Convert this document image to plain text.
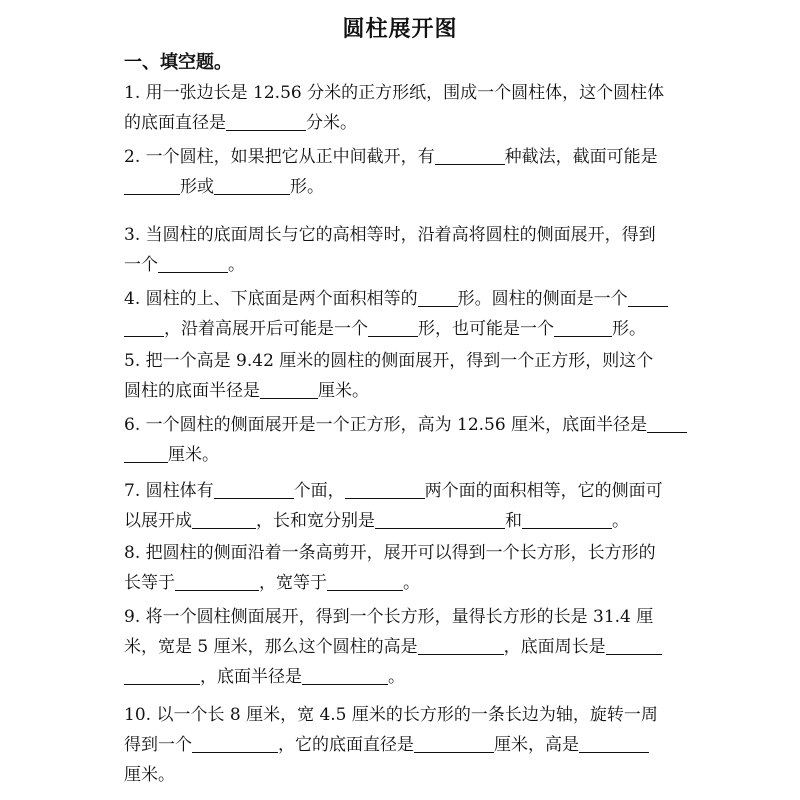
圆柱展开图
一、填空题。
1. 用一张边长是 12.56 分米的正方形纸，围成一个圆柱体，这个圆柱体
的底面直径是	分米。
2. 一个圆柱，如果把它从正中间截开，有	种截法，截面可能是
形或	形。
3. 当圆柱的底面周长与它的高相等时，沿着高将圆柱的侧面展开，得到
一个	。
4. 圆柱的上、下底面是两个面积相等的 形。圆柱的侧面是一个
，沿着高展开后可能是一个	形，也可能是一个	形。
5. 把一个高是 9.42 厘米的圆柱的侧面展开，得到一个正方形，则这个
圆柱的底面半径是	厘米。
6. 一个圆柱的侧面展开是一个正方形，高为 12.56 厘米，底面半径是
厘米。
7. 圆柱体有	个面，	两个面的面积相等，它的侧面可
以展开成	，长和宽分别是	和	。
8. 把圆柱的侧面沿着一条高剪开，展开可以得到一个长方形，长方形的
长等于	，宽等于	。
9. 将一个圆柱侧面展开，得到一个长方形，量得长方形的长是 31.4 厘
米，宽是 5 厘米，那么这个圆柱的高是	，底面周长是
，底面半径是	。
10. 以一个长 8 厘米，宽 4.5 厘米的长方形的一条长边为轴，旋转一周
得到一个	，它的底面直径是	厘米，高是
厘米。
